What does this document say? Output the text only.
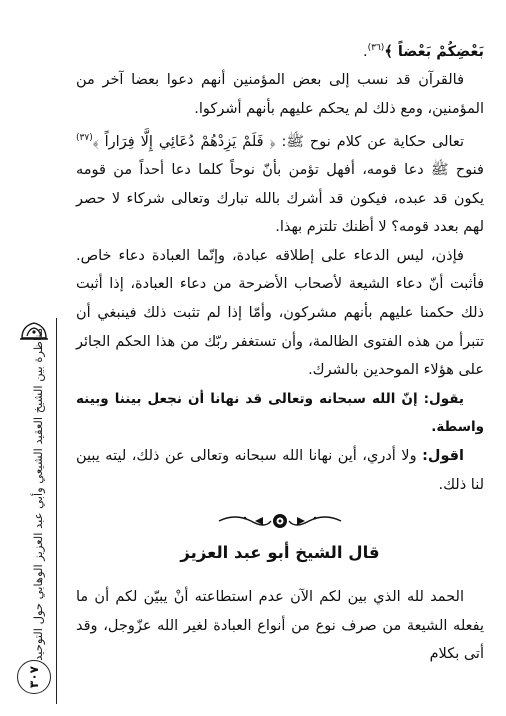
بَعْضِكُمْ بَعْضاً ﴾$^{(٣٦)}$.

فالقرآن قد نسب إلى بعض المؤمنين أنهم دعوا بعضا آخر من المؤمنين، ومع ذلك لم يحكم عليهم بأنهم أشركوا.

تعالى حكاية عن كلام نوح ﷺ: ﴿ فَلَمْ يَزِدْهُمْ دُعَائِي إِلَّا فِرَاراً ﴾$^{(٣٧)}$ فنوح ﷺ دعا قومه، أفهل تؤمن بأنّ نوحاً كلما دعا أحداً من قومه يكون قد عبده، فيكون قد أشرك بالله تبارك وتعالى شركاء لا حصر لهم بعدد قومه؟ لا أظنك تلتزم بهذا.

فإذن، ليس الدعاء على إطلاقه عبادة، وإنّما العبادة دعاء خاص. فأثبت أنّ دعاء الشيعة لأصحاب الأضرحة من دعاء العبادة، إذا أثبت ذلك حكمنا عليهم بأنهم مشركون، وأمّا إذا لم تثبت ذلك فينبغي أن تتبرأ من هذه الفتوى الظالمة، وأن تستغفر ربّك من هذا الحكم الجائر على هؤلاء الموحدين بالشرك.

يقول: إنّ الله سبحانه وتعالى قد نهانا أن نجعل بيننا وبينه واسطة.

اقول: ولا أدري، أين نهانا الله سبحانه وتعالى عن ذلك، ليته يبين لنا ذلك.

قال الشيخ أبو عبد العزيز

الحمد لله الذي بين لكم الآن عدم استطاعته أنْ يبيّن لكم أن ما يفعله الشيعة من صرف نوع من أنواع العبادة لغير الله عزّوجل، وقد أتى بكلام

مناظرة بين الشيخ العقيد الشيعي وأبي عبد العزيز الوهابي حول التوحيد
٣٠٧
